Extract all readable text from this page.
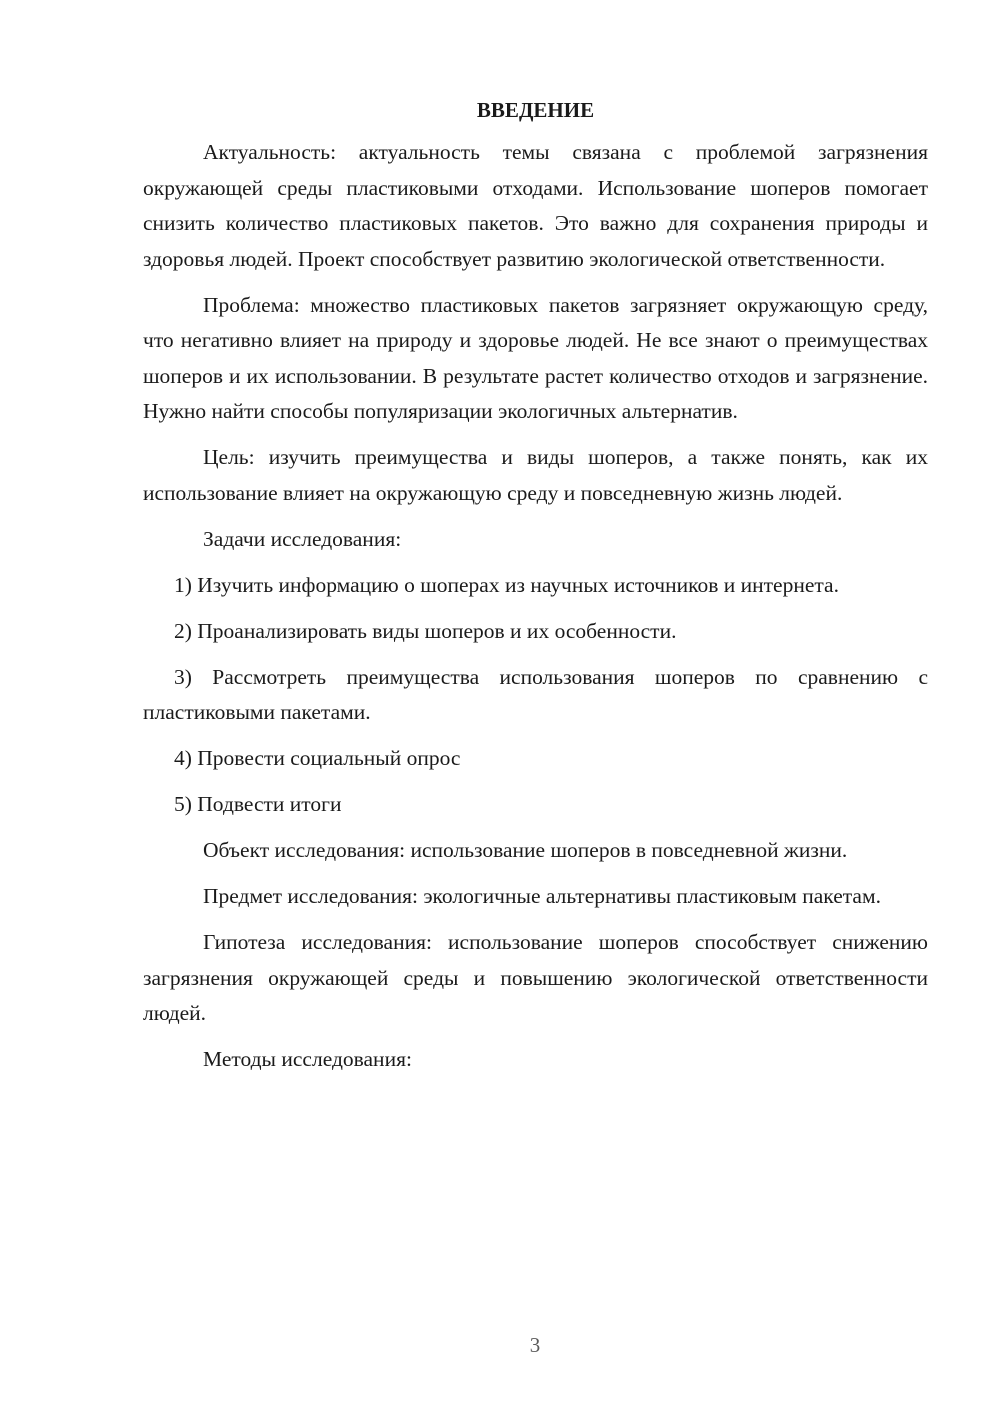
ВВЕДЕНИЕ

Актуальность: актуальность темы связана с проблемой загрязнения окружающей среды пластиковыми отходами. Использование шоперов помогает снизить количество пластиковых пакетов. Это важно для сохранения природы и здоровья людей. Проект способствует развитию экологической ответственности.

Проблема: множество пластиковых пакетов загрязняет окружающую среду, что негативно влияет на природу и здоровье людей. Не все знают о преимуществах шоперов и их использовании. В результате растет количество отходов и загрязнение. Нужно найти способы популяризации экологичных альтернатив.

Цель: изучить преимущества и виды шоперов, а также понять, как их использование влияет на окружающую среду и повседневную жизнь людей.

Задачи исследования:

1) Изучить информацию о шоперах из научных источников и интернета.

2) Проанализировать виды шоперов и их особенности.

3) Рассмотреть преимущества использования шоперов по сравнению с пластиковыми пакетами.

4) Провести социальный опрос

5) Подвести итоги

Объект исследования: использование шоперов в повседневной жизни.

Предмет исследования: экологичные альтернативы пластиковым пакетам.

Гипотеза исследования: использование шоперов способствует снижению загрязнения окружающей среды и повышению экологической ответственности людей.

Методы исследования:

3
